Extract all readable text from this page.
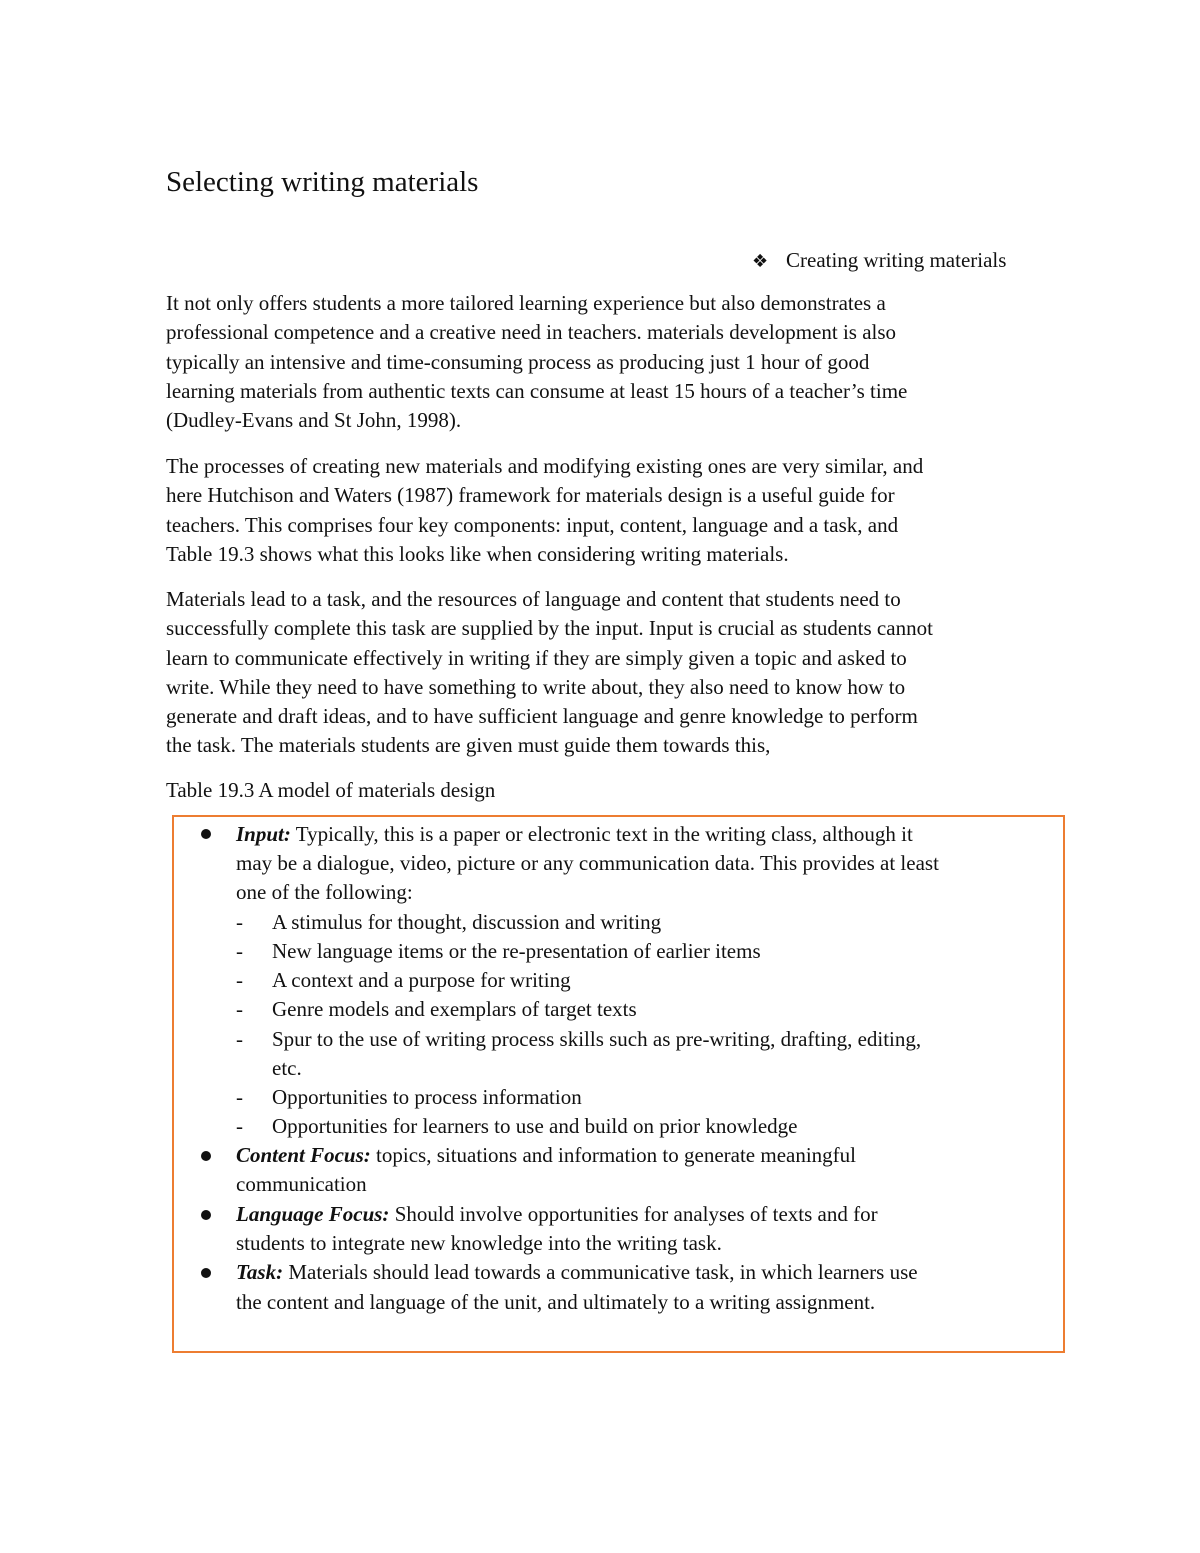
Selecting writing materials
❖ Creating writing materials

It not only offers students a more tailored learning experience but also demonstrates a
professional competence and a creative need in teachers. materials development is also
typically an intensive and time-consuming process as producing just 1 hour of good
learning materials from authentic texts can consume at least 15 hours of a teacher’s time
(Dudley-Evans and St John, 1998).

The processes of creating new materials and modifying existing ones are very similar, and
here Hutchison and Waters (1987) framework for materials design is a useful guide for
teachers. This comprises four key components: input, content, language and a task, and
Table 19.3 shows what this looks like when considering writing materials.

Materials lead to a task, and the resources of language and content that students need to
successfully complete this task are supplied by the input. Input is crucial as students cannot
learn to communicate effectively in writing if they are simply given a topic and asked to
write. While they need to have something to write about, they also need to know how to
generate and draft ideas, and to have sufficient language and genre knowledge to perform
the task. The materials students are given must guide them towards this,

Table 19.3 A model of materials design
Input: Typically, this is a paper or electronic text in the writing class, although it
may be a dialogue, video, picture or any communication data. This provides at least
one of the following:
- A stimulus for thought, discussion and writing
- New language items or the re-presentation of earlier items
- A context and a purpose for writing
- Genre models and exemplars of target texts
- Spur to the use of writing process skills such as pre-writing, drafting, editing,
etc.
- Opportunities to process information
- Opportunities for learners to use and build on prior knowledge
Content Focus: topics, situations and information to generate meaningful
communication
Language Focus: Should involve opportunities for analyses of texts and for
students to integrate new knowledge into the writing task.
Task: Materials should lead towards a communicative task, in which learners use
the content and language of the unit, and ultimately to a writing assignment.
